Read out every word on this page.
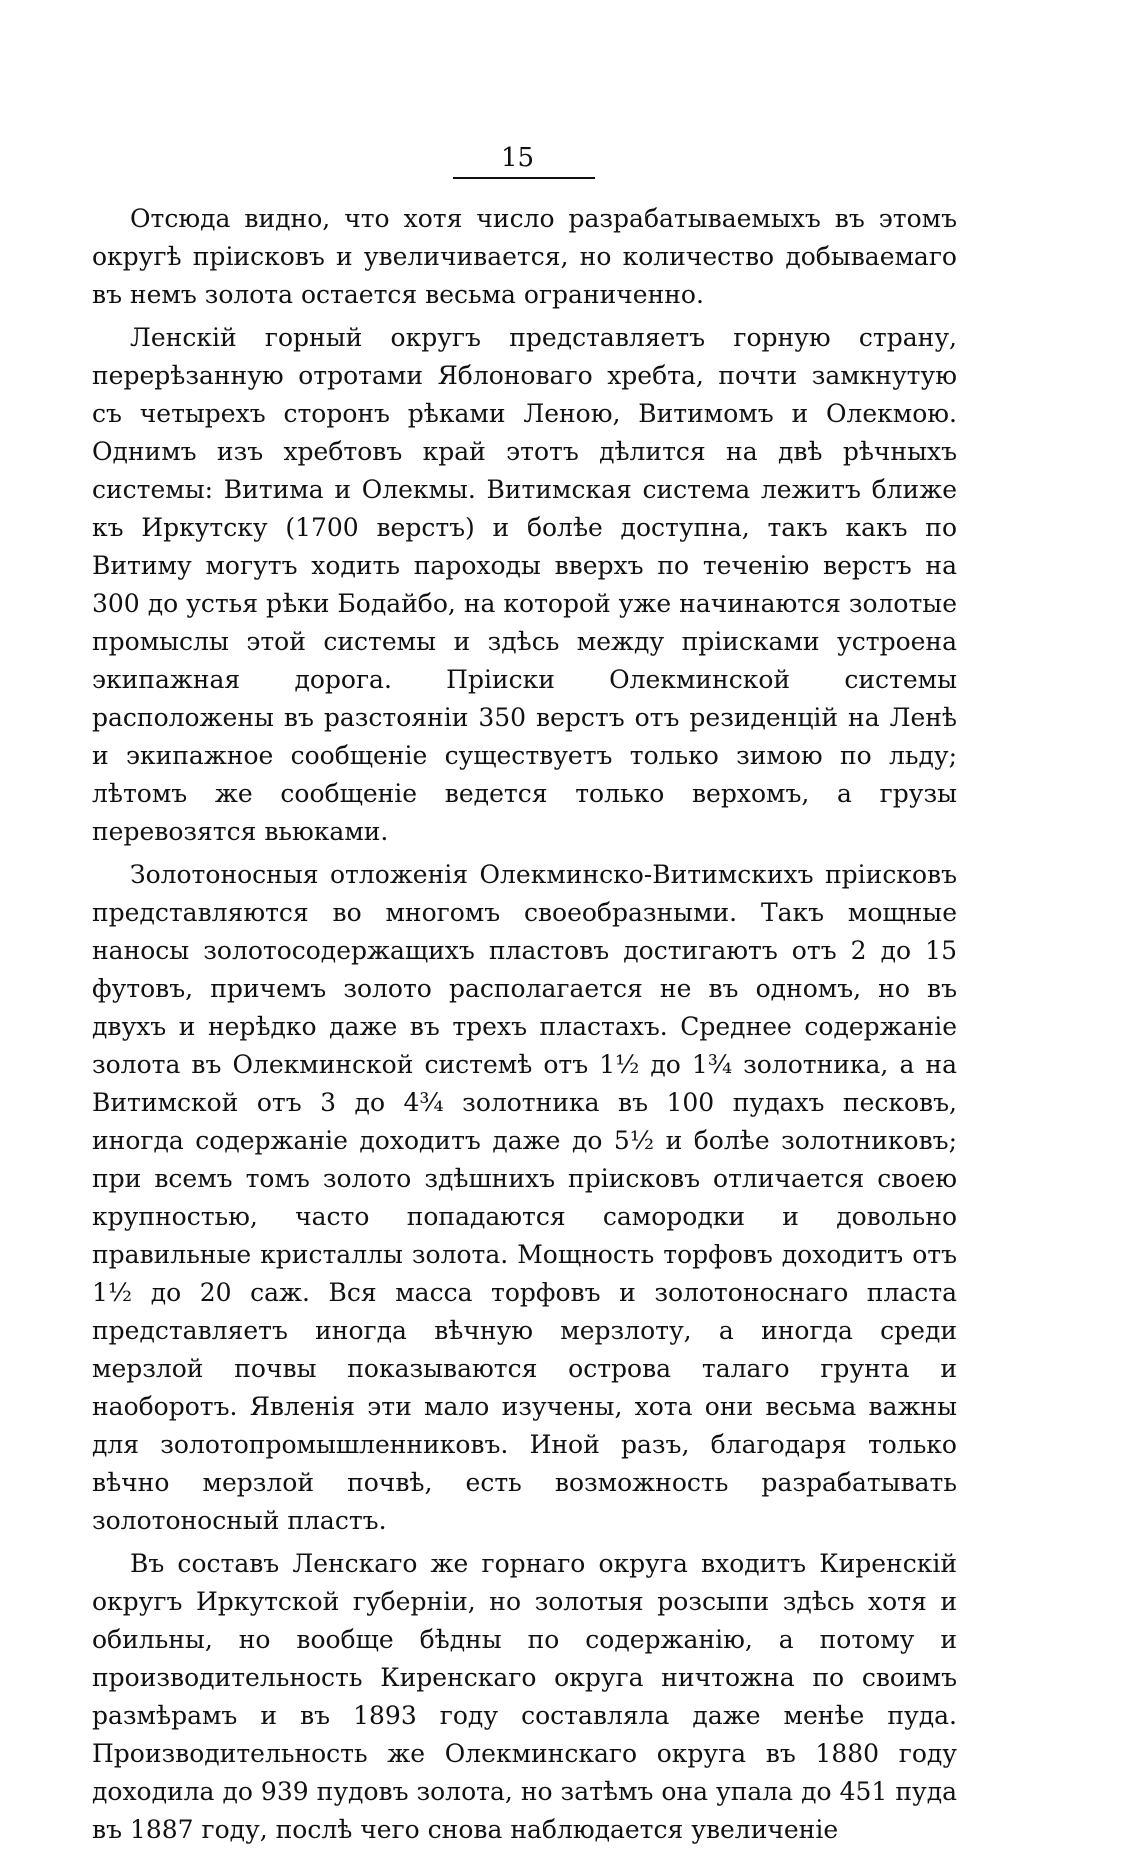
15

Отсюда видно, что хотя число разрабатываемыхъ въ этомъ округѣ прiисковъ и увеличивается, но количество добываемаго въ немъ золота остается весьма ограниченно.

Ленскiй горный округъ представляетъ горную страну, перерѣзанную отротами Яблоноваго хребта, почти замкнутую съ четырехъ сторонъ рѣками Леною, Витимомъ и Олекмою. Однимъ изъ хребтовъ край этотъ дѣлится на двѣ рѣчныхъ системы: Витима и Олекмы. Витимская система лежитъ ближе къ Иркутску (1700 верстъ) и болѣе доступна, такъ какъ по Витиму могутъ ходить пароходы вверхъ по теченiю верстъ на 300 до устья рѣки Бодайбо, на которой уже начинаются золотые промыслы этой системы и здѣсь между прiисками устроена экипажная дорога. Прiиски Олекминской системы расположены въ разстоянiи 350 верстъ отъ резиденцiй на Ленѣ и экипажное сообщенiе существуетъ только зимою по льду; лѣтомъ же сообщенiе ведется только верхомъ, а грузы перевозятся вьюками.

Золотоносныя отложенiя Олекминско-Витимскихъ прiисковъ представляются во многомъ своеобразными. Такъ мощные наносы золотосодержащихъ пластовъ достигаютъ отъ 2 до 15 футовъ, причемъ золото располагается не въ одномъ, но въ двухъ и нерѣдко даже въ трехъ пластахъ. Среднее содержанiе золота въ Олекминской системѣ отъ 1½ до 1¾ золотника, а на Витимской отъ 3 до 4¾ золотника въ 100 пудахъ песковъ, иногда содержанiе доходитъ даже до 5½ и болѣе золотниковъ; при всемъ томъ золото здѣшнихъ прiисковъ отличается своею крупностью, часто попадаются самородки и довольно правильные кристаллы золота. Мощность торфовъ доходитъ отъ 1½ до 20 саж. Вся масса торфовъ и золотоноснаго пласта представляетъ иногда вѣчную мерзлоту, а иногда среди мерзлой почвы показываются острова талаго грунта и наоборотъ. Явленiя эти мало изучены, хота они весьма важны для золотопромышленниковъ. Иной разъ, благодаря только вѣчно мерзлой почвѣ, есть возможность разрабатывать золотоносный пластъ.

Въ составъ Ленскаго же горнаго округа входитъ Киренскiй округъ Иркутской губернiи, но золотыя розсыпи здѣсь хотя и обильны, но вообще бѣдны по содержанiю, а потому и производительность Киренскаго округа ничтожна по своимъ размѣрамъ и въ 1893 году составляла даже менѣе пуда. Производительность же Олекминскаго округа въ 1880 году доходила до 939 пудовъ золота, но затѣмъ она упала до 451 пуда въ 1887 году, послѣ чего снова наблюдается увеличенiе
